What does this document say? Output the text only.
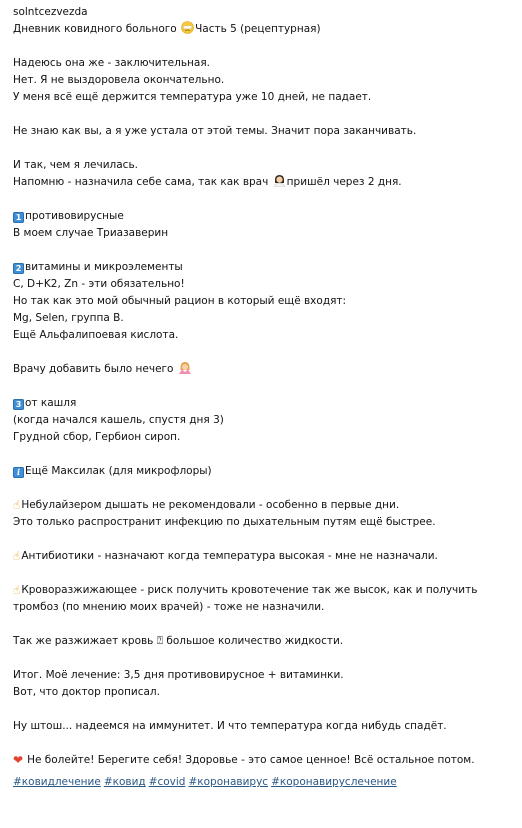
solntcezvezda
Дневник ковидного больного Часть 5 (рецептурная)
Надеюсь она же - заключительная.
Нет. Я не выздоровела окончательно.
У меня всё ещё держится температура уже 10 дней, не падает.
Не знаю как вы, а я уже устала от этой темы. Значит пора заканчивать.
И так, чем я лечилась.
Напомню - назначила себе сама, так как врач пришёл через 2 дня.
1 противовирусные
В моем случае Триазаверин
2 витамины и микроэлементы
С, D+K2, Zn - эти обязательно!
Но так как это мой обычный рацион в который ещё входят:
Mg, Selen, группа В.
Ещё Альфалипоевая кислота.
Врачу добавить было нечего
3 от кашля
(когда начался кашель, спустя дня 3)
Грудной сбор, Гербион сироп.
i Ещё Максилак (для микрофлоры)
☝Небулайзером дышать не рекомендовали - особенно в первые дни.
Это только распространит инфекцию по дыхательным путям ещё быстрее.
☝Антибиотики - назначают когда температура высокая - мне не назначали.
☝Кроворазжижающее - риск получить кровотечение так же высок, как и получить тромбоз (по мнению моих врачей) - тоже не назначили.
Так же разжижает кровь ⍰ большое количество жидкости.
Итог. Моё лечение: 3,5 дня противовирусное + витаминки.
Вот, что доктор прописал.
Ну штош... надеемся на иммунитет. И что температура когда нибудь спадёт.
❤ Не болейте! Берегите себя! Здоровье - это самое ценное! Всё остальное потом.
#ковидлечение #ковид #covid #коронавирус #коронавируслечение
